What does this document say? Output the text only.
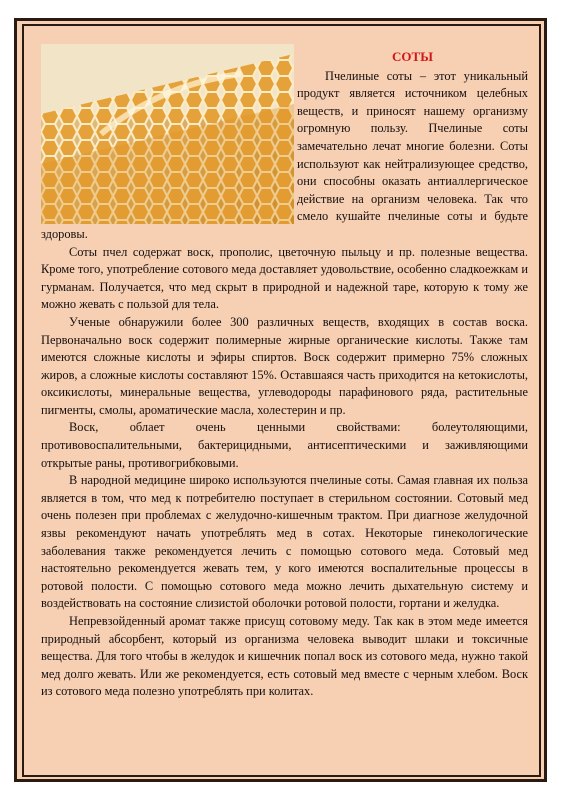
СОТЫ

Пчелиные соты – этот уникальный продукт является источником целебных веществ, и приносят нашему организму огромную пользу. Пчелиные соты замечательно лечат многие болезни. Соты используют как нейтрализующее средство, они способны оказать антиаллергическое действие на организм человека. Так что смело кушайте пчелиные соты и будьте здоровы.

Соты пчел содержат воск, прополис, цветочную пыльцу и пр. полезные вещества. Кроме того, употребление сотового меда доставляет удовольствие, особенно сладкоежкам и гурманам. Получается, что мед скрыт в природной и надежной таре, которую к тому же можно жевать с пользой для тела.

Ученые обнаружили более 300 различных веществ, входящих в состав воска. Первоначально воск содержит полимерные жирные органические кислоты. Также там имеются сложные кислоты и эфиры спиртов. Воск содержит примерно 75% сложных жиров, а сложные кислоты составляют 15%. Оставшаяся часть приходится на кетокислоты, оксикислоты, минеральные вещества, углеводороды парафинового ряда, растительные пигменты, смолы, ароматические масла, холестерин и пр.

Воск, облает очень ценными свойствами: болеутоляющими, противовоспалительными, бактерицидными, антисептическими и заживляющими открытые раны, противогрибковыми.

В народной медицине широко используются пчелиные соты. Самая главная их польза является в том, что мед к потребителю поступает в стерильном состоянии. Сотовый мед очень полезен при проблемах с желудочно-кишечным трактом. При диагнозе желудочной язвы рекомендуют начать употреблять мед в сотах. Некоторые гинекологические заболевания также рекомендуется лечить с помощью сотового меда. Сотовый мед настоятельно рекомендуется жевать тем, у кого имеются воспалительные процессы в ротовой полости. С помощью сотового меда можно лечить дыхательную систему и воздействовать на состояние слизистой оболочки ротовой полости, гортани и желудка.

Непревзойденный аромат также присущ сотовому меду. Так как в этом меде имеется природный абсорбент, который из организма человека выводит шлаки и токсичные вещества. Для того чтобы в желудок и кишечник попал воск из сотового меда, нужно такой мед долго жевать. Или же рекомендуется, есть сотовый мед вместе с черным хлебом. Воск из сотового меда полезно употреблять при колитах.
